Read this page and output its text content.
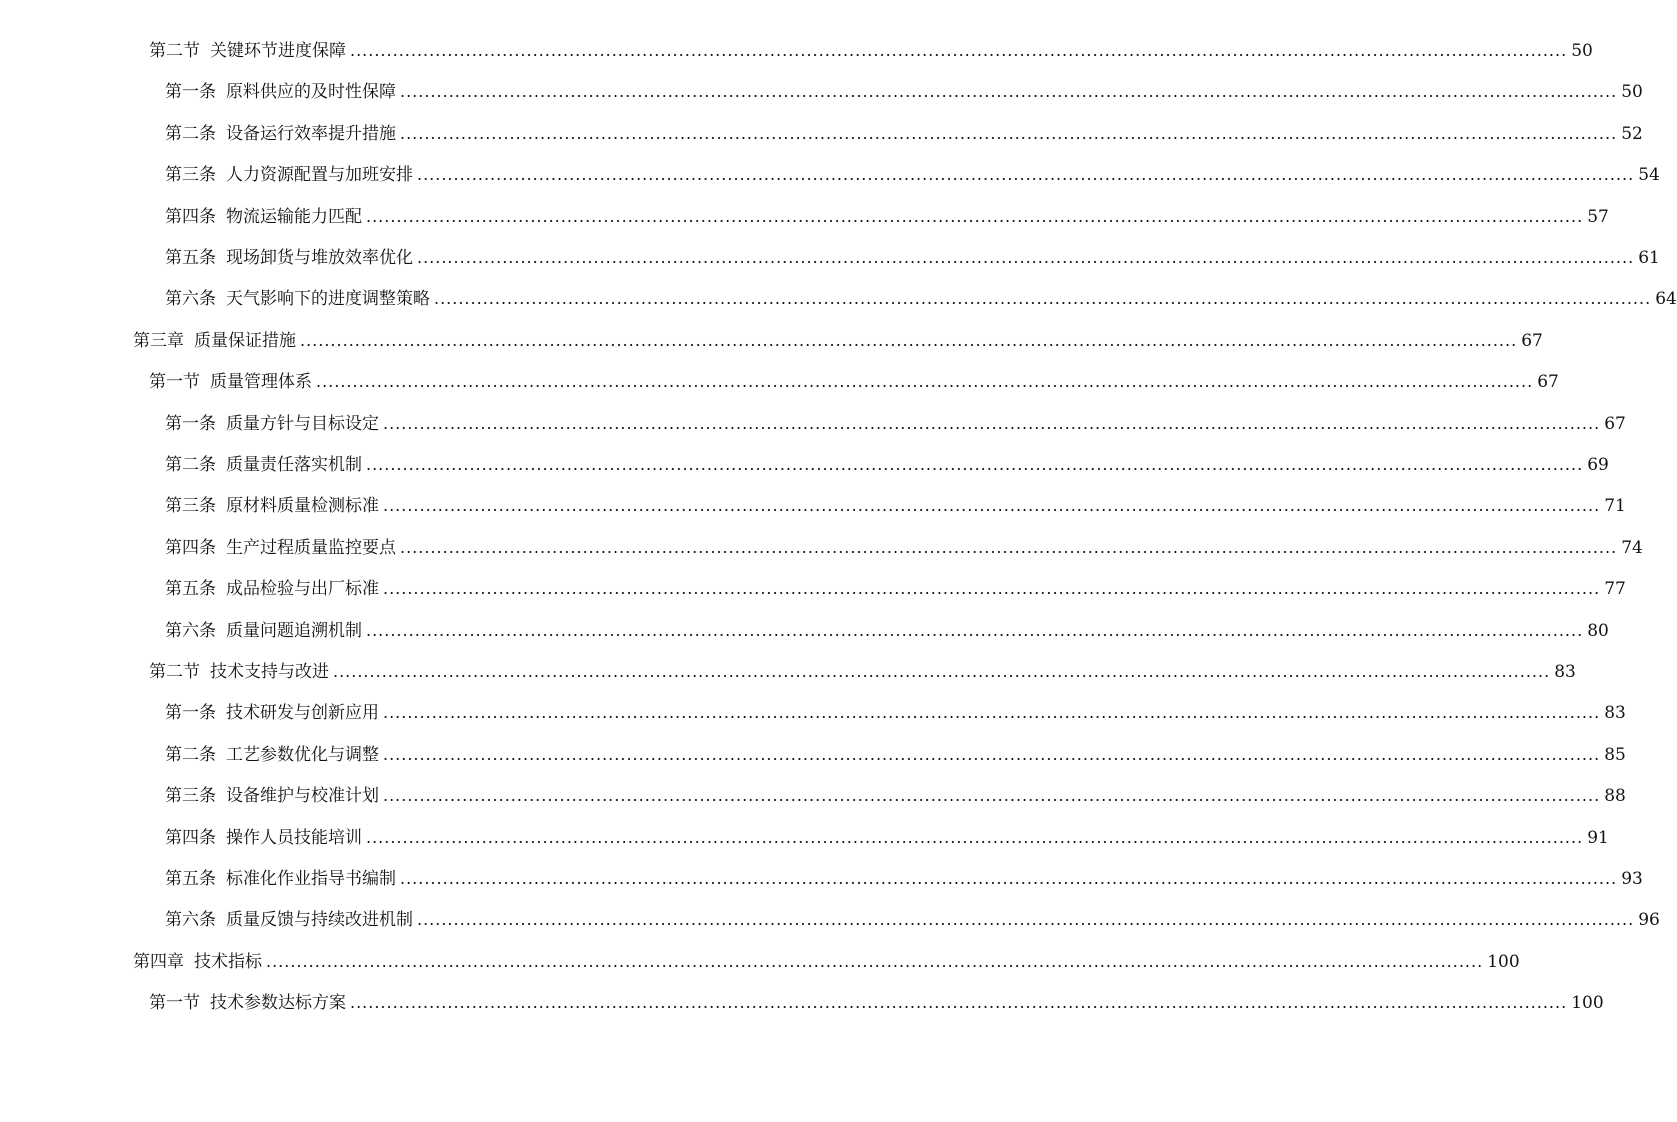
第二节 关键环节进度保障 ........................................................................................................................................................................................................ 50
第一条 原料供应的及时性保障 ........................................................................................................................................................................................................ 50
第二条 设备运行效率提升措施 ........................................................................................................................................................................................................ 52
第三条 人力资源配置与加班安排 ........................................................................................................................................................................................................ 54
第四条 物流运输能力匹配 ........................................................................................................................................................................................................ 57
第五条 现场卸货与堆放效率优化 ........................................................................................................................................................................................................ 61
第六条 天气影响下的进度调整策略 ........................................................................................................................................................................................................ 64
第三章 质量保证措施 ........................................................................................................................................................................................................ 67
第一节 质量管理体系 ........................................................................................................................................................................................................ 67
第一条 质量方针与目标设定 ........................................................................................................................................................................................................ 67
第二条 质量责任落实机制 ........................................................................................................................................................................................................ 69
第三条 原材料质量检测标准 ........................................................................................................................................................................................................ 71
第四条 生产过程质量监控要点 ........................................................................................................................................................................................................ 74
第五条 成品检验与出厂标准 ........................................................................................................................................................................................................ 77
第六条 质量问题追溯机制 ........................................................................................................................................................................................................ 80
第二节 技术支持与改进 ........................................................................................................................................................................................................ 83
第一条 技术研发与创新应用 ........................................................................................................................................................................................................ 83
第二条 工艺参数优化与调整 ........................................................................................................................................................................................................ 85
第三条 设备维护与校准计划 ........................................................................................................................................................................................................ 88
第四条 操作人员技能培训 ........................................................................................................................................................................................................ 91
第五条 标准化作业指导书编制 ........................................................................................................................................................................................................ 93
第六条 质量反馈与持续改进机制 ........................................................................................................................................................................................................ 96
第四章 技术指标 ........................................................................................................................................................................................................ 100
第一节 技术参数达标方案 ........................................................................................................................................................................................................ 100
